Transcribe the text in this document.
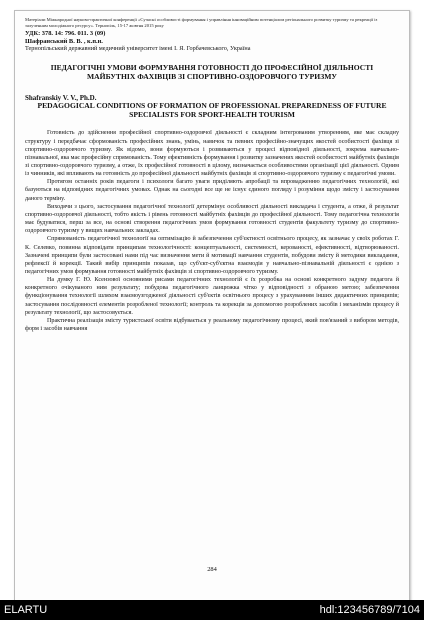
Матеріали Міжнародної науково-практичної конференції «Сучасні особливості формування і управління інноваційним потенціалом регіонального розвитку туризму та рекреації із залученням молодіжного ресурсу». Тернопіль, 15-17 жовтня 2015 року
УДК: 378. 14: 796. 011. 3 (09)
Шафранський В. В. , к.п.н.
Тернопільський державний медичний університет імені І. Я. Горбачевського, Україна
ПЕДАГОГІЧНІ УМОВИ ФОРМУВАННЯ ГОТОВНОСТІ ДО ПРОФЕСІЙНОЇ ДІЯЛЬНОСТІ МАЙБУТНІХ ФАХІВЦІВ ЗІ СПОРТИВНО-ОЗДОРОВЧОГО ТУРИЗМУ
Shafranskiy V. V., Ph.D.
PEDAGOGICAL CONDITIONS OF FORMATION OF PROFESSIONAL PREPAREDNESS OF FUTURE SPECIALISTS FOR SPORT-HEALTH TOURISM

Готовність до здійснення професійної спортивно-оздоровчої діяльності є складним інтегрованим утворенням, яке має складну структуру і передбачає сформованість професійних знань, умінь, навичок та певних професійно-значущих якостей особистості фахівця зі спортивно-оздоровчого туризму. Як відомо, вони формуються і розвиваються у процесі відповідної діяльності, зокрема навчально-пізнавальної, яка має професійну спрямованість. Тому ефективність формування і розвитку зазначених якостей особистості майбутніх фахівців зі спортивно-оздоровчого туризму, а отже, їх професійної готовності в цілому, визначається особливостями організації цієї діяльності. Одним із чинників, які впливають на готовність до професійної діяльності майбутніх фахівців зі спортивно-оздоровчого туризму є педагогічні умови.

Протягом останніх років педагоги і психологи багато уваги приділяють апробації та впровадженню педагогічних технологій, які базуються на відповідних педагогічних умовах. Однак на сьогодні все ще не існує єдиного погляду і розуміння щодо змісту і застосування даного терміну.

Виходячи з цього, застосування педагогічної технології детермінує особливості діяльності викладача і студента, а отже, й результат спортивно-оздоровчої діяльності, тобто якість і рівень готовності майбутніх фахівців до професійної діяльності. Тому педагогічна технологія має будуватися, перш за все, на основі створення педагогічних умов формування готовності студентів факультету туризму до спортивно-оздоровчого туризму у вищих навчальних закладах.

Спрямованість педагогічної технології на оптимізацію й забезпечення суб'єктності освітнього процесу, як зазначає у своїх роботах Г. К. Селевко, повинна відповідати принципам технологічності: концептуальності, системності, керованості, ефективності, відтворюваності. Зазначені принципи були застосовані нами під час визначення мети й мотивації навчання студентів, побудови змісту й методики викладання, рефлексії й корекції. Такий вибір принципів показав, що суб'єкт-суб'єктна взаємодія у навчально-пізнавальній діяльності є однією з педагогічних умов формування готовності майбутніх фахівців зі спортивно-оздоровчого туризму.

На думку Г. Ю. Ксензової основними рисами педагогічних технологій є їх розробка на основі конкретного задуму педагога й конкретного очікуваного ним результату; побудова педагогічного ланцюжка чітко у відповідності з обраною метою; забезпечення функціонування технології шляхом взаємоузгодженої діяльності суб'єктів освітнього процесу з урахуванням інших дидактичних принципів; застосування послідовності елементів розробленої технології; контроль та корекція за допомогою розроблених засобів і механізмів процесу й результату технології, що застосовується.

Практична реалізація змісту туристської освіти відбувається у реальному педагогічному процесі, який пов'язаний з вибором методів, форм і засобів навчання

284
ELARTU	hdl:123456789/7104
